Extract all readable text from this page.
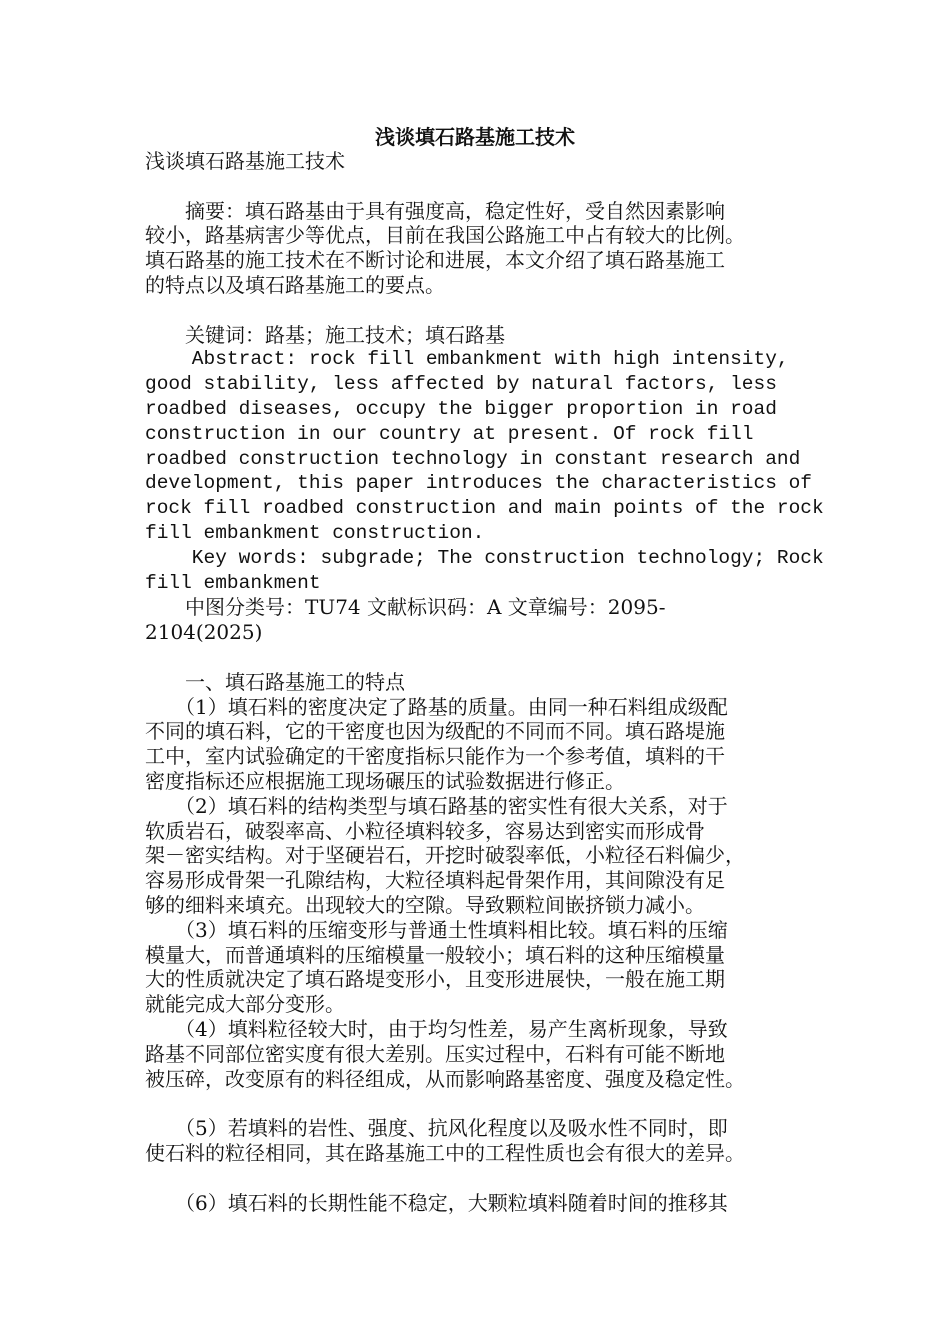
浅谈填石路基施工技术
浅谈填石路基施工技术
　　摘要：填石路基由于具有强度高，稳定性好，受自然因素影响
较小，路基病害少等优点，目前在我国公路施工中占有较大的比例。
填石路基的施工技术在不断讨论和进展，本文介绍了填石路基施工
的特点以及填石路基施工的要点。
　　关键词：路基；施工技术；填石路基
Abstract: rock fill embankment with high intensity,
good stability, less affected by natural factors, less
roadbed diseases, occupy the bigger proportion in road
construction in our country at present. Of rock fill
roadbed construction technology in constant research and
development, this paper introduces the characteristics of
rock fill roadbed construction and main points of the rock
fill embankment construction.
Key words: subgrade; The construction technology; Rock
fill embankment
　　中图分类号：TU74 文献标识码：A 文章编号：2095-
2104(2025)
　　一、填石路基施工的特点
　　（1）填石料的密度决定了路基的质量。由同一种石料组成级配
不同的填石料，它的干密度也因为级配的不同而不同。填石路堤施
工中，室内试验确定的干密度指标只能作为一个参考值，填料的干
密度指标还应根据施工现场碾压的试验数据进行修正。
　　（2）填石料的结构类型与填石路基的密实性有很大关系，对于
软质岩石，破裂率高、小粒径填料较多，容易达到密实而形成骨
架－密实结构。对于坚硬岩石，开挖时破裂率低，小粒径石料偏少，
容易形成骨架一孔隙结构，大粒径填料起骨架作用，其间隙没有足
够的细料来填充。出现较大的空隙。导致颗粒间嵌挤锁力减小。
　　（3）填石料的压缩变形与普通土性填料相比较。填石料的压缩
模量大，而普通填料的压缩模量一般较小；填石料的这种压缩模量
大的性质就决定了填石路堤变形小，且变形进展快，一般在施工期
就能完成大部分变形。
　　（4）填料粒径较大时，由于均匀性差，易产生离析现象，导致
路基不同部位密实度有很大差别。压实过程中，石料有可能不断地
被压碎，改变原有的料径组成，从而影响路基密度、强度及稳定性。
　　（5）若填料的岩性、强度、抗风化程度以及吸水性不同时，即
使石料的粒径相同，其在路基施工中的工程性质也会有很大的差异。
　　（6）填石料的长期性能不稳定，大颗粒填料随着时间的推移其
